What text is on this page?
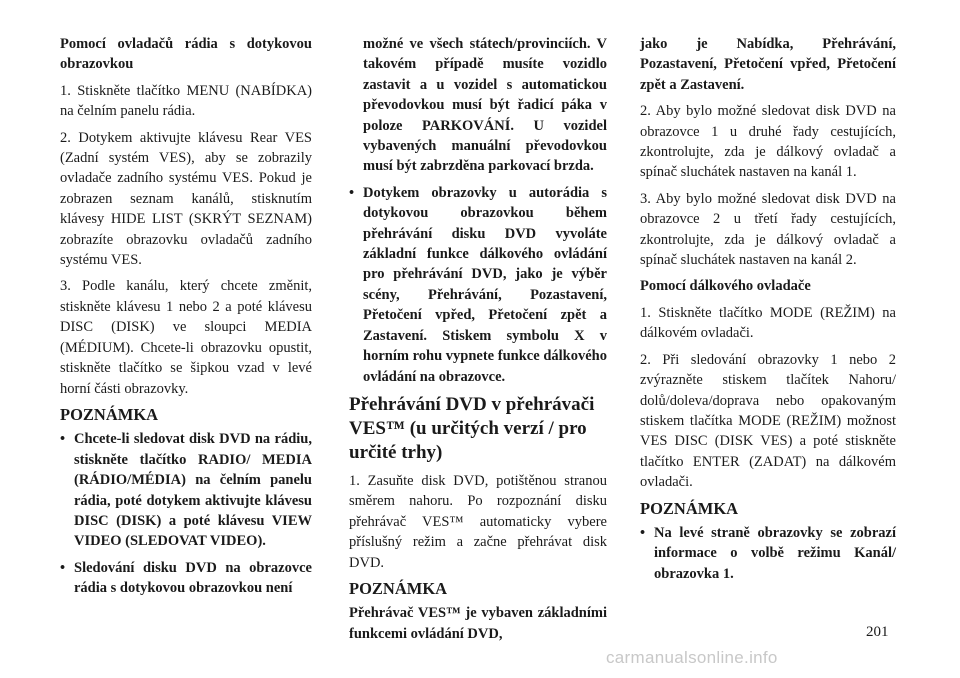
Pomocí ovladačů rádia s dotykovou obrazovkou

1. Stiskněte tlačítko MENU (NABÍDKA) na čelním panelu rádia.

2. Dotykem aktivujte klávesu Rear VES (Zadní systém VES), aby se zobrazily ovladače zadního systému VES. Pokud je zobrazen seznam kanálů, stisknutím klávesy HIDE LIST (SKRÝT SEZNAM) zobrazíte obrazovku ovladačů zadního systému VES.

3. Podle kanálu, který chcete změnit, stiskněte klávesu 1 nebo 2 a poté klávesu DISC (DISK) ve sloupci MEDIA (MÉDIUM). Chcete-li obrazovku opustit, stiskněte tlačítko se šipkou vzad v levé horní části obrazovky.

POZNÁMKA
• Chcete-li sledovat disk DVD na rádiu, stiskněte tlačítko RADIO/ MEDIA (RÁDIO/MÉDIA) na čelním panelu rádia, poté dotykem aktivujte klávesu DISC (DISK) a poté klávesu VIEW VIDEO (SLEDOVAT VIDEO).
• Sledování disku DVD na obrazovce rádia s dotykovou obrazovkou není
možné ve všech státech/provinciích. V takovém případě musíte vozidlo zastavit a u vozidel s automatickou převodovkou musí být řadicí páka v poloze PARKOVÁNÍ. U vozidel vybavených manuální převodovkou musí být zabrzděna parkovací brzda.
• Dotykem obrazovky u autorádia s dotykovou obrazovkou během přehrávání disku DVD vyvoláte základní funkce dálkového ovládání pro přehrávání DVD, jako je výběr scény, Přehrávání, Pozastavení, Přetočení vpřed, Přetočení zpět a Zastavení. Stiskem symbolu X v horním rohu vypnete funkce dálkového ovládání na obrazovce.
Přehrávání DVD v přehrávači VES™ (u určitých verzí / pro určité trhy)

1. Zasuňte disk DVD, potištěnou stranou směrem nahoru. Po rozpoznání disku přehrávač VES™ automaticky vybere příslušný režim a začne přehrávat disk DVD.

POZNÁMKA

Přehrávač VES™ je vybaven základními funkcemi ovládání DVD,

jako je Nabídka, Přehrávání, Pozastavení, Přetočení vpřed, Přetočení zpět a Zastavení.

2. Aby bylo možné sledovat disk DVD na obrazovce 1 u druhé řady cestujících, zkontrolujte, zda je dálkový ovladač a spínač sluchátek nastaven na kanál 1.

3. Aby bylo možné sledovat disk DVD na obrazovce 2 u třetí řady cestujících, zkontrolujte, zda je dálkový ovladač a spínač sluchátek nastaven na kanál 2.

Pomocí dálkového ovladače

1. Stiskněte tlačítko MODE (REŽIM) na dálkovém ovladači.

2. Při sledování obrazovky 1 nebo 2 zvýrazněte stiskem tlačítek Nahoru/ dolů/doleva/doprava nebo opakovaným stiskem tlačítka MODE (REŽIM) možnost VES DISC (DISK VES) a poté stiskněte tlačítko ENTER (ZADAT) na dálkovém ovladači.

POZNÁMKA
• Na levé straně obrazovky se zobrazí informace o volbě režimu Kanál/ obrazovka 1.
201
carmanualsonline.info
